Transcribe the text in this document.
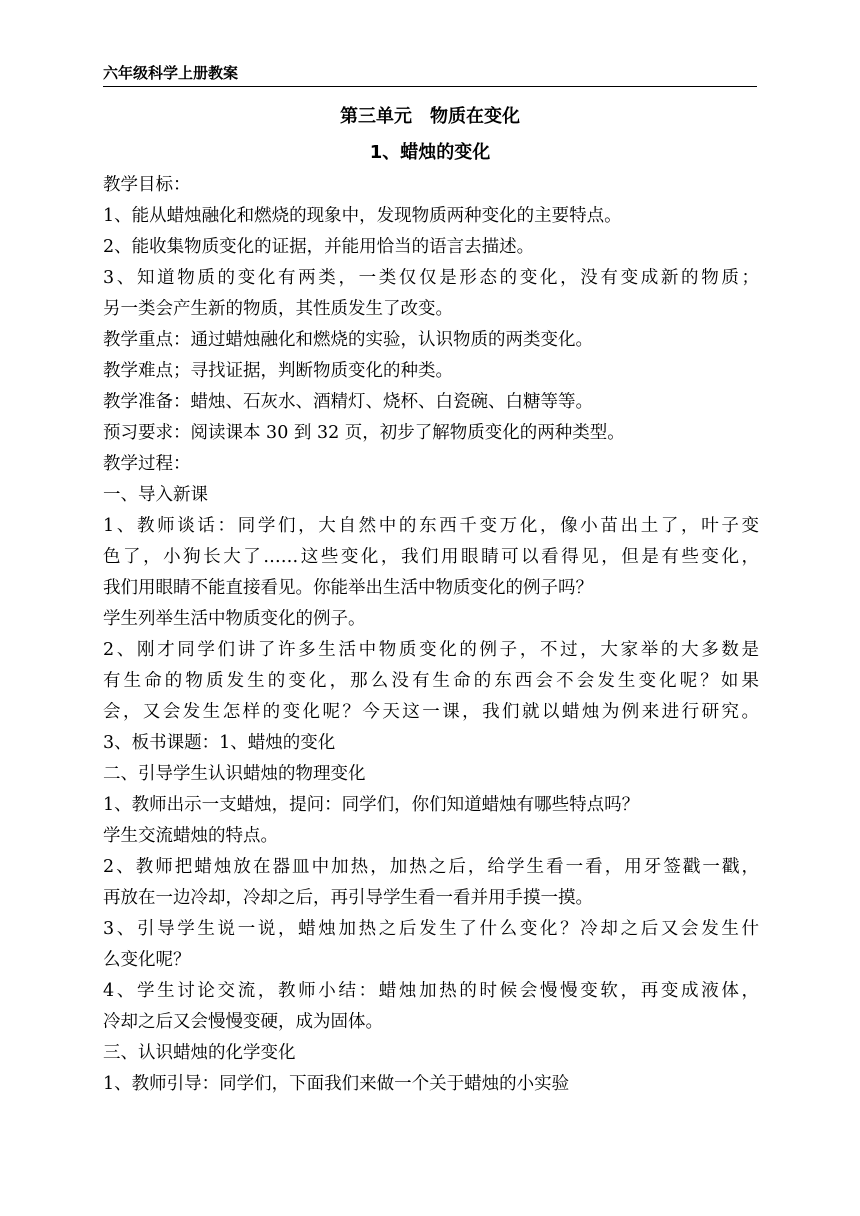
六年级科学上册教案
第三单元　物质在变化
1、蜡烛的变化

教学目标：

1、能从蜡烛融化和燃烧的现象中，发现物质两种变化的主要特点。

2、能收集物质变化的证据，并能用恰当的语言去描述。

3、知道物质的变化有两类，一类仅仅是形态的变化，没有变成新的物质；

另一类会产生新的物质，其性质发生了改变。

教学重点：通过蜡烛融化和燃烧的实验，认识物质的两类变化。

教学难点；寻找证据，判断物质变化的种类。

教学准备：蜡烛、石灰水、酒精灯、烧杯、白瓷碗、白糖等等。

预习要求：阅读课本 30 到 32 页，初步了解物质变化的两种类型。

教学过程：

一、导入新课

1、教师谈话：同学们，大自然中的东西千变万化，像小苗出土了，叶子变

色了，小狗长大了……这些变化，我们用眼睛可以看得见，但是有些变化，

我们用眼睛不能直接看见。你能举出生活中物质变化的例子吗？

学生列举生活中物质变化的例子。

2、刚才同学们讲了许多生活中物质变化的例子，不过，大家举的大多数是

有生命的物质发生的变化，那么没有生命的东西会不会发生变化呢？如果

会，又会发生怎样的变化呢？今天这一课，我们就以蜡烛为例来进行研究。

3、板书课题：1、蜡烛的变化

二、引导学生认识蜡烛的物理变化

1、教师出示一支蜡烛，提问：同学们，你们知道蜡烛有哪些特点吗？

学生交流蜡烛的特点。

2、教师把蜡烛放在器皿中加热，加热之后，给学生看一看，用牙签戳一戳，

再放在一边冷却，冷却之后，再引导学生看一看并用手摸一摸。

3、引导学生说一说，蜡烛加热之后发生了什么变化？冷却之后又会发生什

么变化呢？

4、学生讨论交流，教师小结：蜡烛加热的时候会慢慢变软，再变成液体，

冷却之后又会慢慢变硬，成为固体。

三、认识蜡烛的化学变化

1、教师引导：同学们，下面我们来做一个关于蜡烛的小实验
